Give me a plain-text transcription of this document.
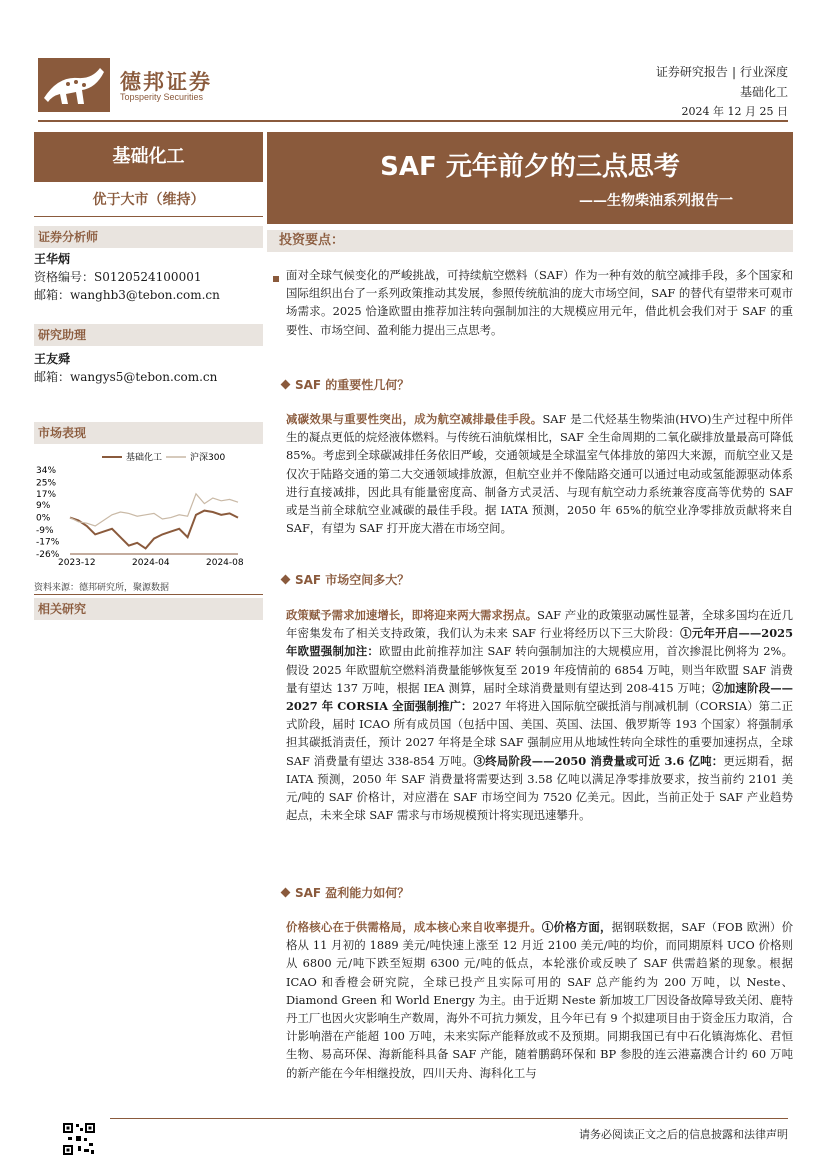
德邦证券
Topsperity Securities
证券研究报告 | 行业深度
基础化工
2024 年 12 月 25 日
基础化工
优于大市（维持）
证券分析师
王华炳
资格编号：S0120524100001
邮箱：wanghb3@tebon.com.cn
研究助理
王友舜
邮箱：wangys5@tebon.com.cn
市场表现
基础化工	沪深300
34%
25%
17%
9%
0%
-9%
-17%
-26%
2023-12	2024-04	2024-08
资料来源：德邦研究所，聚源数据
相关研究
SAF 元年前夕的三点思考
——生物柴油系列报告一
投资要点：
面对全球气候变化的严峻挑战，可持续航空燃料（SAF）作为一种有效的航空减排手段，多个国家和国际组织出台了一系列政策推动其发展，参照传统航油的庞大市场空间，SAF 的替代有望带来可观市场需求。2025 恰逢欧盟由推荐加注转向强制加注的大规模应用元年，借此机会我们对于 SAF 的重要性、市场空间、盈利能力提出三点思考。
SAF 的重要性几何？
减碳效果与重要性突出，成为航空减排最佳手段。SAF 是二代烃基生物柴油(HVO)生产过程中所伴生的凝点更低的烷烃液体燃料。与传统石油航煤相比，SAF 全生命周期的二氧化碳排放量最高可降低 85%。考虑到全球碳减排任务依旧严峻，交通领域是全球温室气体排放的第四大来源，而航空业又是仅次于陆路交通的第二大交通领域排放源，但航空业并不像陆路交通可以通过电动或氢能源驱动体系进行直接减排，因此具有能量密度高、制备方式灵活、与现有航空动力系统兼容度高等优势的 SAF 或是当前全球航空业减碳的最佳手段。据 IATA 预测，2050 年 65%的航空业净零排放贡献将来自 SAF，有望为 SAF 打开庞大潜在市场空间。
SAF 市场空间多大？
政策赋予需求加速增长，即将迎来两大需求拐点。SAF 产业的政策驱动属性显著，全球多国均在近几年密集发布了相关支持政策，我们认为未来 SAF 行业将经历以下三大阶段：①元年开启——2025 年欧盟强制加注：欧盟由此前推荐加注 SAF 转向强制加注的大规模应用，首次掺混比例将为 2%。假设 2025 年欧盟航空燃料消费量能够恢复至 2019 年疫情前的 6854 万吨，则当年欧盟 SAF 消费量有望达 137 万吨，根据 IEA 测算，届时全球消费量则有望达到 208-415 万吨；②加速阶段——2027 年 CORSIA 全面强制推广：2027 年将进入国际航空碳抵消与削减机制（CORSIA）第二正式阶段，届时 ICAO 所有成员国（包括中国、美国、英国、法国、俄罗斯等 193 个国家）将强制承担其碳抵消责任，预计 2027 年将是全球 SAF 强制应用从地域性转向全球性的重要加速拐点，全球 SAF 消费量有望达 338-854 万吨。③终局阶段——2050 消费量或可近 3.6 亿吨：更远期看，据 IATA 预测，2050 年 SAF 消费量将需要达到 3.58 亿吨以满足净零排放要求，按当前约 2101 美元/吨的 SAF 价格计，对应潜在 SAF 市场空间为 7520 亿美元。因此，当前正处于 SAF 产业趋势起点，未来全球 SAF 需求与市场规模预计将实现迅速攀升。
SAF 盈利能力如何？
价格核心在于供需格局，成本核心来自收率提升。①价格方面，据钢联数据，SAF（FOB 欧洲）价格从 11 月初的 1889 美元/吨快速上涨至 12 月近 2100 美元/吨的均价，而同期原料 UCO 价格则从 6800 元/吨下跌至短期 6300 元/吨的低点，本轮涨价或反映了 SAF 供需趋紧的现象。根据 ICAO 和香橙会研究院，全球已投产且实际可用的 SAF 总产能约为 200 万吨，以 Neste、Diamond Green 和 World Energy 为主。由于近期 Neste 新加坡工厂因设备故障导致关闭、鹿特丹工厂也因火灾影响生产数周，海外不可抗力频发，且今年已有 9 个拟建项目由于资金压力取消，合计影响潜在产能超 100 万吨，未来实际产能释放或不及预期。同期我国已有中石化镇海炼化、君恒生物、易高环保、海新能科具备 SAF 产能，随着鹏鹞环保和 BP 参股的连云港嘉澳合计约 60 万吨的新产能在今年相继投放，四川天舟、海科化工与
请务必阅读正文之后的信息披露和法律声明
